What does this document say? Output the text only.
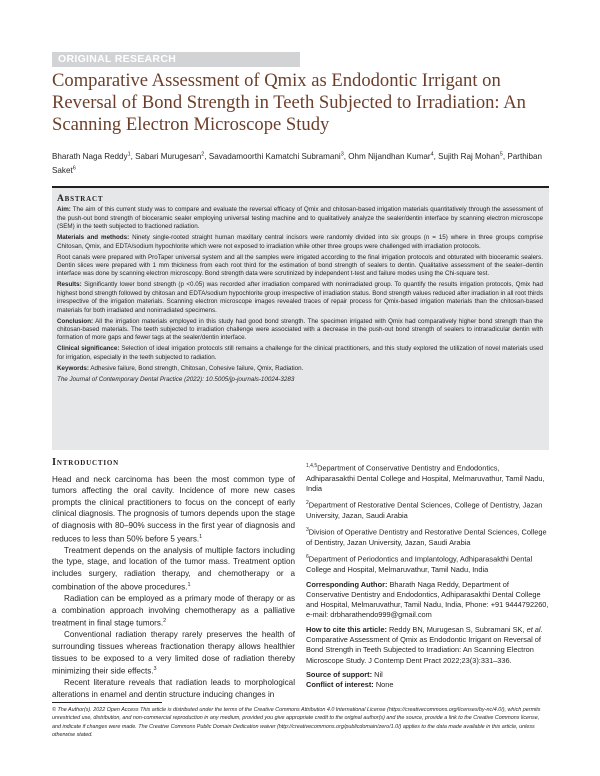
ORIGINAL RESEARCH
Comparative Assessment of Qmix as Endodontic Irrigant on Reversal of Bond Strength in Teeth Subjected to Irradiation: An Scanning Electron Microscope Study
Bharath Naga Reddy$^1$, Sabari Murugesan$^2$, Savadamoorthi Kamatchi Subramani$^3$, Ohm Nijandhan Kumar$^4$, Sujith Raj Mohan$^5$, Parthiban Saket$^6$
Abstract

Aim: The aim of this current study was to compare and evaluate the reversal efficacy of Qmix and chitosan-based irrigation materials quantitatively through the assessment of the push-out bond strength of bioceramic sealer employing universal testing machine and to qualitatively analyze the sealer/dentin interface by scanning electron microscope (SEM) in the teeth subjected to fractioned radiation.

Materials and methods: Ninety single-rooted straight human maxillary central incisors were randomly divided into six groups (n = 15) where in three groups comprise Chitosan, Qmix, and EDTA/sodium hypochlorite which were not exposed to irradiation while other three groups were challenged with irradiation protocols.

Root canals were prepared with ProTaper universal system and all the samples were irrigated according to the final irrigation protocols and obturated with bioceramic sealers. Dentin slices were prepared with 1 mm thickness from each root third for the estimation of bond strength of sealers to dentin. Qualitative assessment of the sealer–dentin interface was done by scanning electron microscopy. Bond strength data were scrutinized by independent t-test and failure modes using the Chi-square test.

Results: Significantly lower bond strength (p <0.05) was recorded after irradiation compared with nonirradiated group. To quantify the results irrigation protocols, Qmix had highest bond strength followed by chitosan and EDTA/sodium hypochlorite group irrespective of irradiation status. Bond strength values reduced after irradiation in all root thirds irrespective of the irrigation materials. Scanning electron microscope images revealed traces of repair process for Qmix-based irrigation materials than the chitosan-based materials for both irradiated and nonirradiated specimens.

Conclusion: All the irrigation materials employed in this study had good bond strength. The specimen irrigated with Qmix had comparatively higher bond strength than the chitosan-based materials. The teeth subjected to irradiation challenge were associated with a decrease in the push-out bond strength of sealers to intraradicular dentin with formation of more gaps and fewer tags at the sealer/dentin interface.

Clinical significance: Selection of ideal irrigation protocols still remains a challenge for the clinical practitioners, and this study explored the utilization of novel materials used for irrigation, especially in the teeth subjected to radiation.

Keywords: Adhesive failure, Bond strength, Chitosan, Cohesive failure, Qmix, Radiation.

The Journal of Contemporary Dental Practice (2022): 10.5005/jp-journals-10024-3283

Introduction

Head and neck carcinoma has been the most common type of tumors affecting the oral cavity. Incidence of more new cases prompts the clinical practitioners to focus on the concept of early clinical diagnosis. The prognosis of tumors depends upon the stage of diagnosis with 80–90% success in the first year of diagnosis and reduces to less than 50% before 5 years.$^1$

Treatment depends on the analysis of multiple factors including the type, stage, and location of the tumor mass. Treatment option includes surgery, radiation therapy, and chemotherapy or a combination of the above procedures.$^1$

Radiation can be employed as a primary mode of therapy or as a combination approach involving chemotherapy as a palliative treatment in final stage tumors.$^2$

Conventional radiation therapy rarely preserves the health of surrounding tissues whereas fractionation therapy allows healthier tissues to be exposed to a very limited dose of radiation thereby minimizing their side effects.$^3$

Recent literature reveals that radiation leads to morphological alterations in enamel and dentin structure inducing changes in

$^{1,4,5}$Department of Conservative Dentistry and Endodontics, Adhiparasakthi Dental College and Hospital, Melmaruvathur, Tamil Nadu, India

$^2$Department of Restorative Dental Sciences, College of Dentistry, Jazan University, Jazan, Saudi Arabia

$^3$Division of Operative Dentistry and Restorative Dental Sciences, College of Dentistry, Jazan University, Jazan, Saudi Arabia

$^6$Department of Periodontics and Implantology, Adhiparasakthi Dental College and Hospital, Melmaruvathur, Tamil Nadu, India

Corresponding Author: Bharath Naga Reddy, Department of Conservative Dentistry and Endodontics, Adhiparasakthi Dental College and Hospital, Melmaruvathur, Tamil Nadu, India, Phone: +91 9444792260, e-mail: drbharathendo999@gmail.com

How to cite this article: Reddy BN, Murugesan S, Subramani SK, et al. Comparative Assessment of Qmix as Endodontic Irrigant on Reversal of Bond Strength in Teeth Subjected to Irradiation: An Scanning Electron Microscope Study. J Contemp Dent Pract 2022;23(3):331–336.

Source of support: Nil

Conflict of interest: None

© The Author(s). 2022 Open Access This article is distributed under the terms of the Creative Commons Attribution 4.0 International License (https://creativecommons.org/licenses/by-nc/4.0/), which permits unrestricted use, distribution, and non-commercial reproduction in any medium, provided you give appropriate credit to the original author(s) and the source, provide a link to the Creative Commons license, and indicate if changes were made. The Creative Commons Public Domain Dedication waiver (http://creativecommons.org/publicdomain/zero/1.0/) applies to the data made available in this article, unless otherwise stated.
